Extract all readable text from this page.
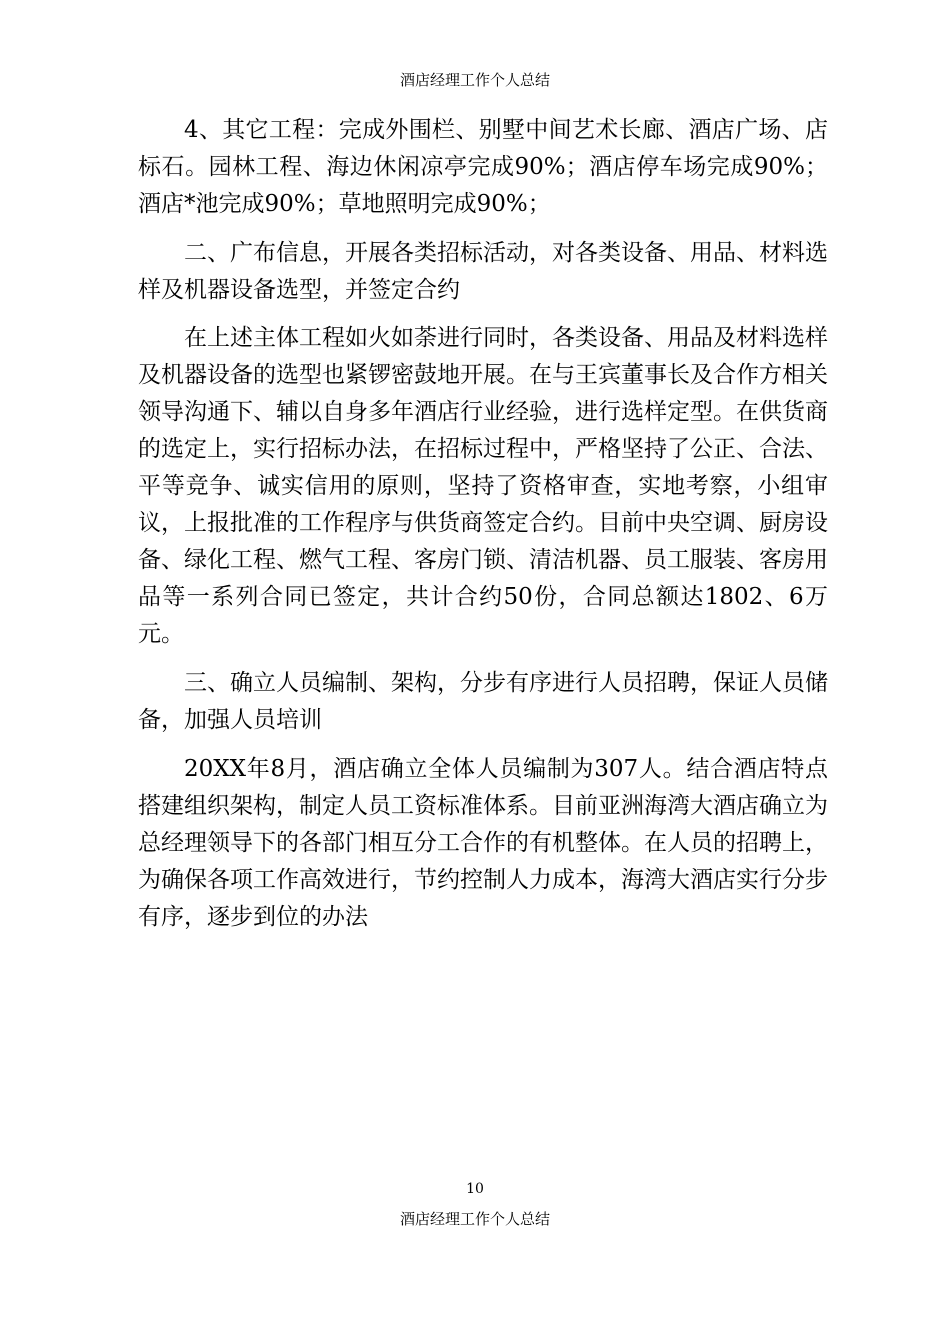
酒店经理工作个人总结

4、其它工程：完成外围栏、别墅中间艺术长廊、酒店广场、店标石。园林工程、海边休闲凉亭完成90%；酒店停车场完成90%；酒店*池完成90%；草地照明完成90%；

二、广布信息，开展各类招标活动，对各类设备、用品、材料选样及机器设备选型，并签定合约

在上述主体工程如火如荼进行同时，各类设备、用品及材料选样及机器设备的选型也紧锣密鼓地开展。在与王宾董事长及合作方相关领导沟通下、辅以自身多年酒店行业经验，进行选样定型。在供货商的选定上，实行招标办法，在招标过程中，严格坚持了公正、合法、平等竞争、诚实信用的原则，坚持了资格审查，实地考察，小组审议，上报批准的工作程序与供货商签定合约。目前中央空调、厨房设备、绿化工程、燃气工程、客房门锁、清洁机器、员工服装、客房用品等一系列合同已签定，共计合约50份，合同总额达1802、6万元。

三、确立人员编制、架构，分步有序进行人员招聘，保证人员储备，加强人员培训

20XX年8月，酒店确立全体人员编制为307人。结合酒店特点搭建组织架构，制定人员工资标准体系。目前亚洲海湾大酒店确立为总经理领导下的各部门相互分工合作的有机整体。在人员的招聘上，为确保各项工作高效进行，节约控制人力成本，海湾大酒店实行分步有序，逐步到位的办法

10
酒店经理工作个人总结
